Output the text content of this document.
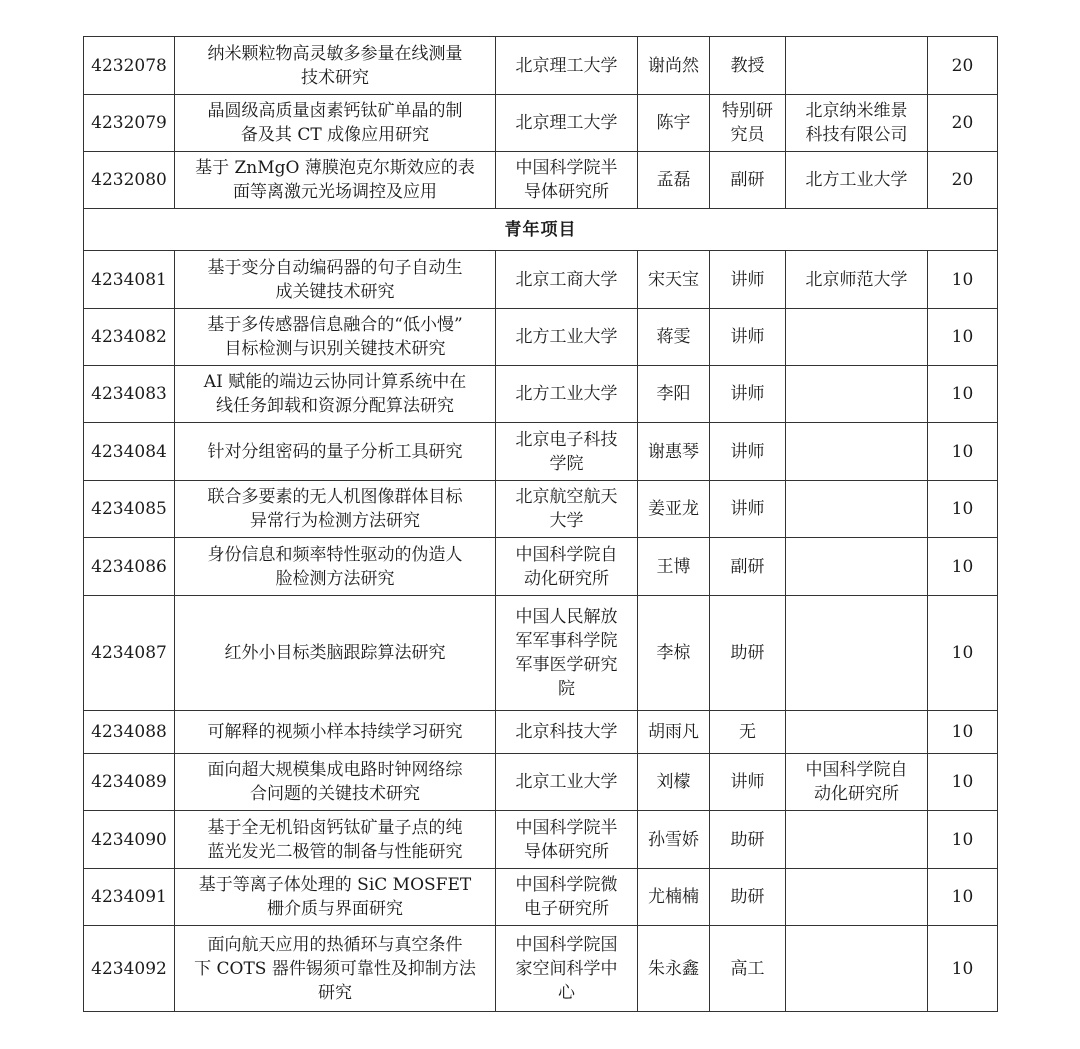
4232078	纳米颗粒物高灵敏多参量在线测量
技术研究	北京理工大学	谢尚然	教授		20
4232079	晶圆级高质量卤素钙钛矿单晶的制
备及其 CT 成像应用研究	北京理工大学	陈宇	特别研
究员	北京纳米维景
科技有限公司	20
4232080	基于 ZnMgO 薄膜泡克尔斯效应的表
面等离激元光场调控及应用	中国科学院半
导体研究所	孟磊	副研	北方工业大学	20
青年项目						
4234081	基于变分自动编码器的句子自动生
成关键技术研究	北京工商大学	宋天宝	讲师	北京师范大学	10
4234082	基于多传感器信息融合的“低小慢”
目标检测与识别关键技术研究	北方工业大学	蒋雯	讲师		10
4234083	AI 赋能的端边云协同计算系统中在
线任务卸载和资源分配算法研究	北方工业大学	李阳	讲师		10
4234084	针对分组密码的量子分析工具研究	北京电子科技
学院	谢惠琴	讲师		10
4234085	联合多要素的无人机图像群体目标
异常行为检测方法研究	北京航空航天
大学	姜亚龙	讲师		10
4234086	身份信息和频率特性驱动的伪造人
脸检测方法研究	中国科学院自
动化研究所	王博	副研		10
4234087	红外小目标类脑跟踪算法研究	中国人民解放
军军事科学院
军事医学研究
院	李椋	助研		10
4234088	可解释的视频小样本持续学习研究	北京科技大学	胡雨凡	无		10
4234089	面向超大规模集成电路时钟网络综
合问题的关键技术研究	北京工业大学	刘檬	讲师	中国科学院自
动化研究所	10
4234090	基于全无机铅卤钙钛矿量子点的纯
蓝光发光二极管的制备与性能研究	中国科学院半
导体研究所	孙雪娇	助研		10
4234091	基于等离子体处理的 SiC MOSFET
栅介质与界面研究	中国科学院微
电子研究所	尤楠楠	助研		10
4234092	面向航天应用的热循环与真空条件
下 COTS 器件锡须可靠性及抑制方法
研究	中国科学院国
家空间科学中
心	朱永鑫	高工		10
